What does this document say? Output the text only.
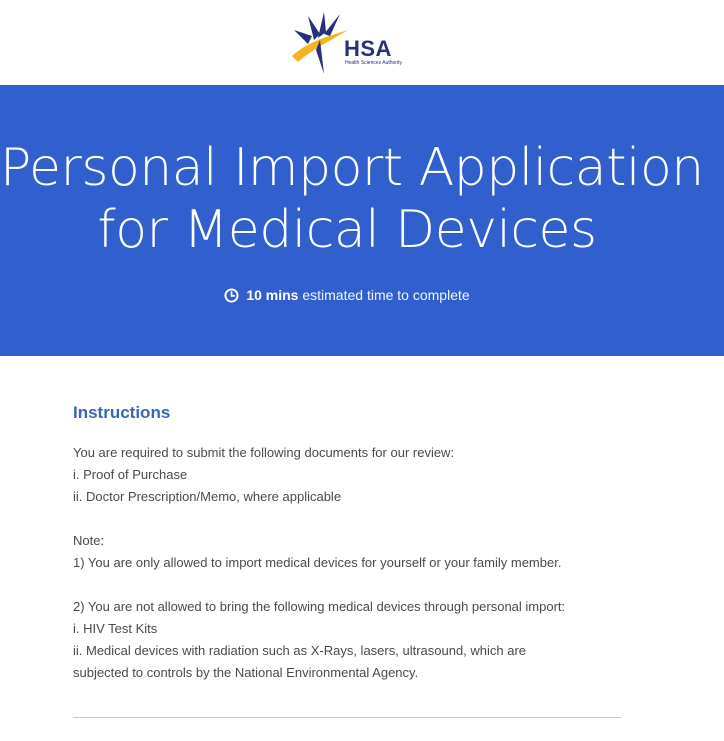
HSA
Health Sciences Authority
Personal Import Application
for Medical Devices
10 mins estimated time to complete
Instructions

You are required to submit the following documents for our review:

i. Proof of Purchase

ii. Doctor Prescription/Memo, where applicable

Note:

1) You are only allowed to import medical devices for yourself or your family member.

2) You are not allowed to bring the following medical devices through personal import:

i. HIV Test Kits

ii. Medical devices with radiation such as X-Rays, lasers, ultrasound, which are

subjected to controls by the National Environmental Agency.
